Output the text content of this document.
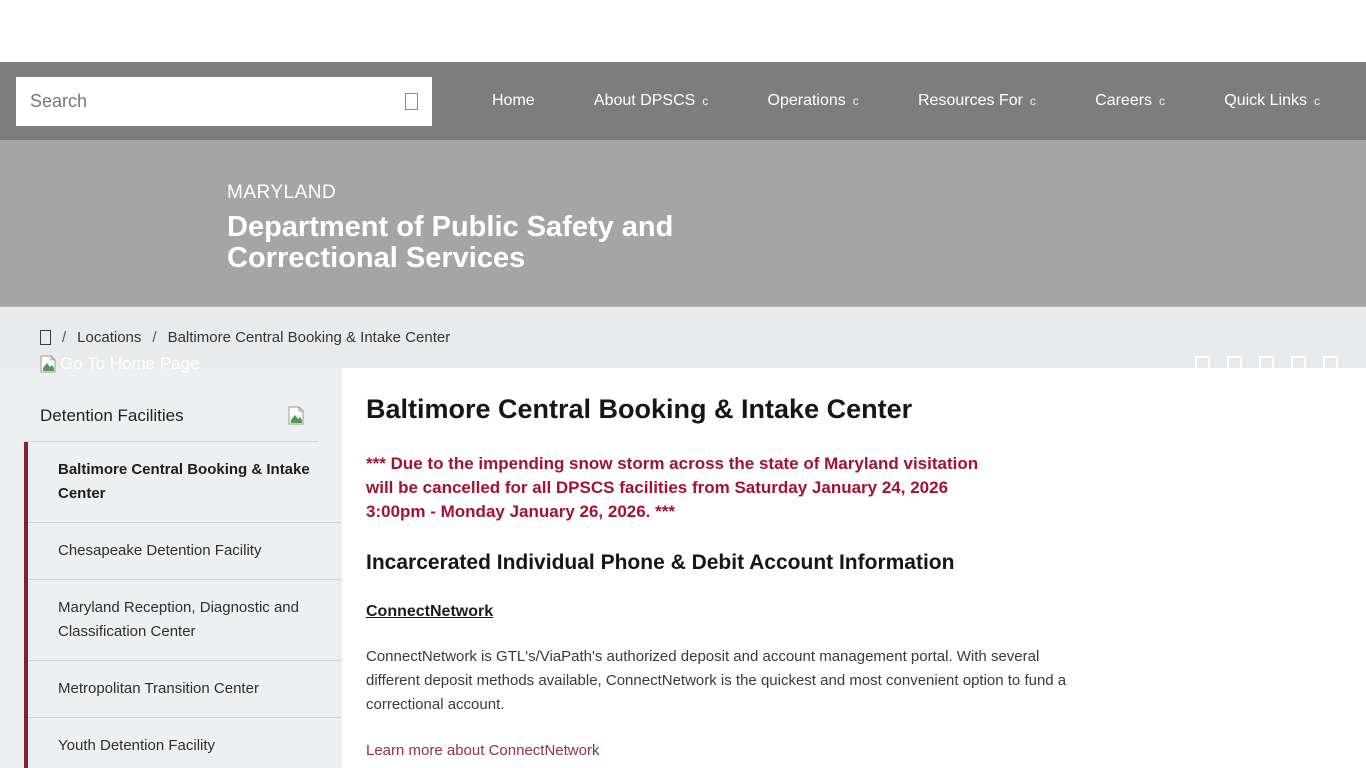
Search
Home	About DPSCS c	Operations c	Resources For c	Careers c	Quick Links c
Go To Home Page
MARYLAND
Department of Public Safety and Correctional Services
/ Locations / Baltimore Central Booking & Intake Center
Detention Facilities
Baltimore Central Booking & Intake Center
Chesapeake Detention Facility
Maryland Reception, Diagnostic and Classification Center
Metropolitan Transition Center
Youth Detention Facility
Baltimore Central Booking & Intake Center
*** Due to the impending snow storm across the state of Maryland visitation
will be cancelled for all DPSCS facilities from Saturday January 24, 2026
3:00pm - Monday January 26, 2026. ***
Incarcerated Individual Phone & Debit Account Information
ConnectNetwork
ConnectNetwork is GTL's/ViaPath's authorized deposit and account management portal. With several
different deposit methods available, ConnectNetwork is the quickest and most convenient option to fund a
correctional account.
Learn more about ConnectNetwork
